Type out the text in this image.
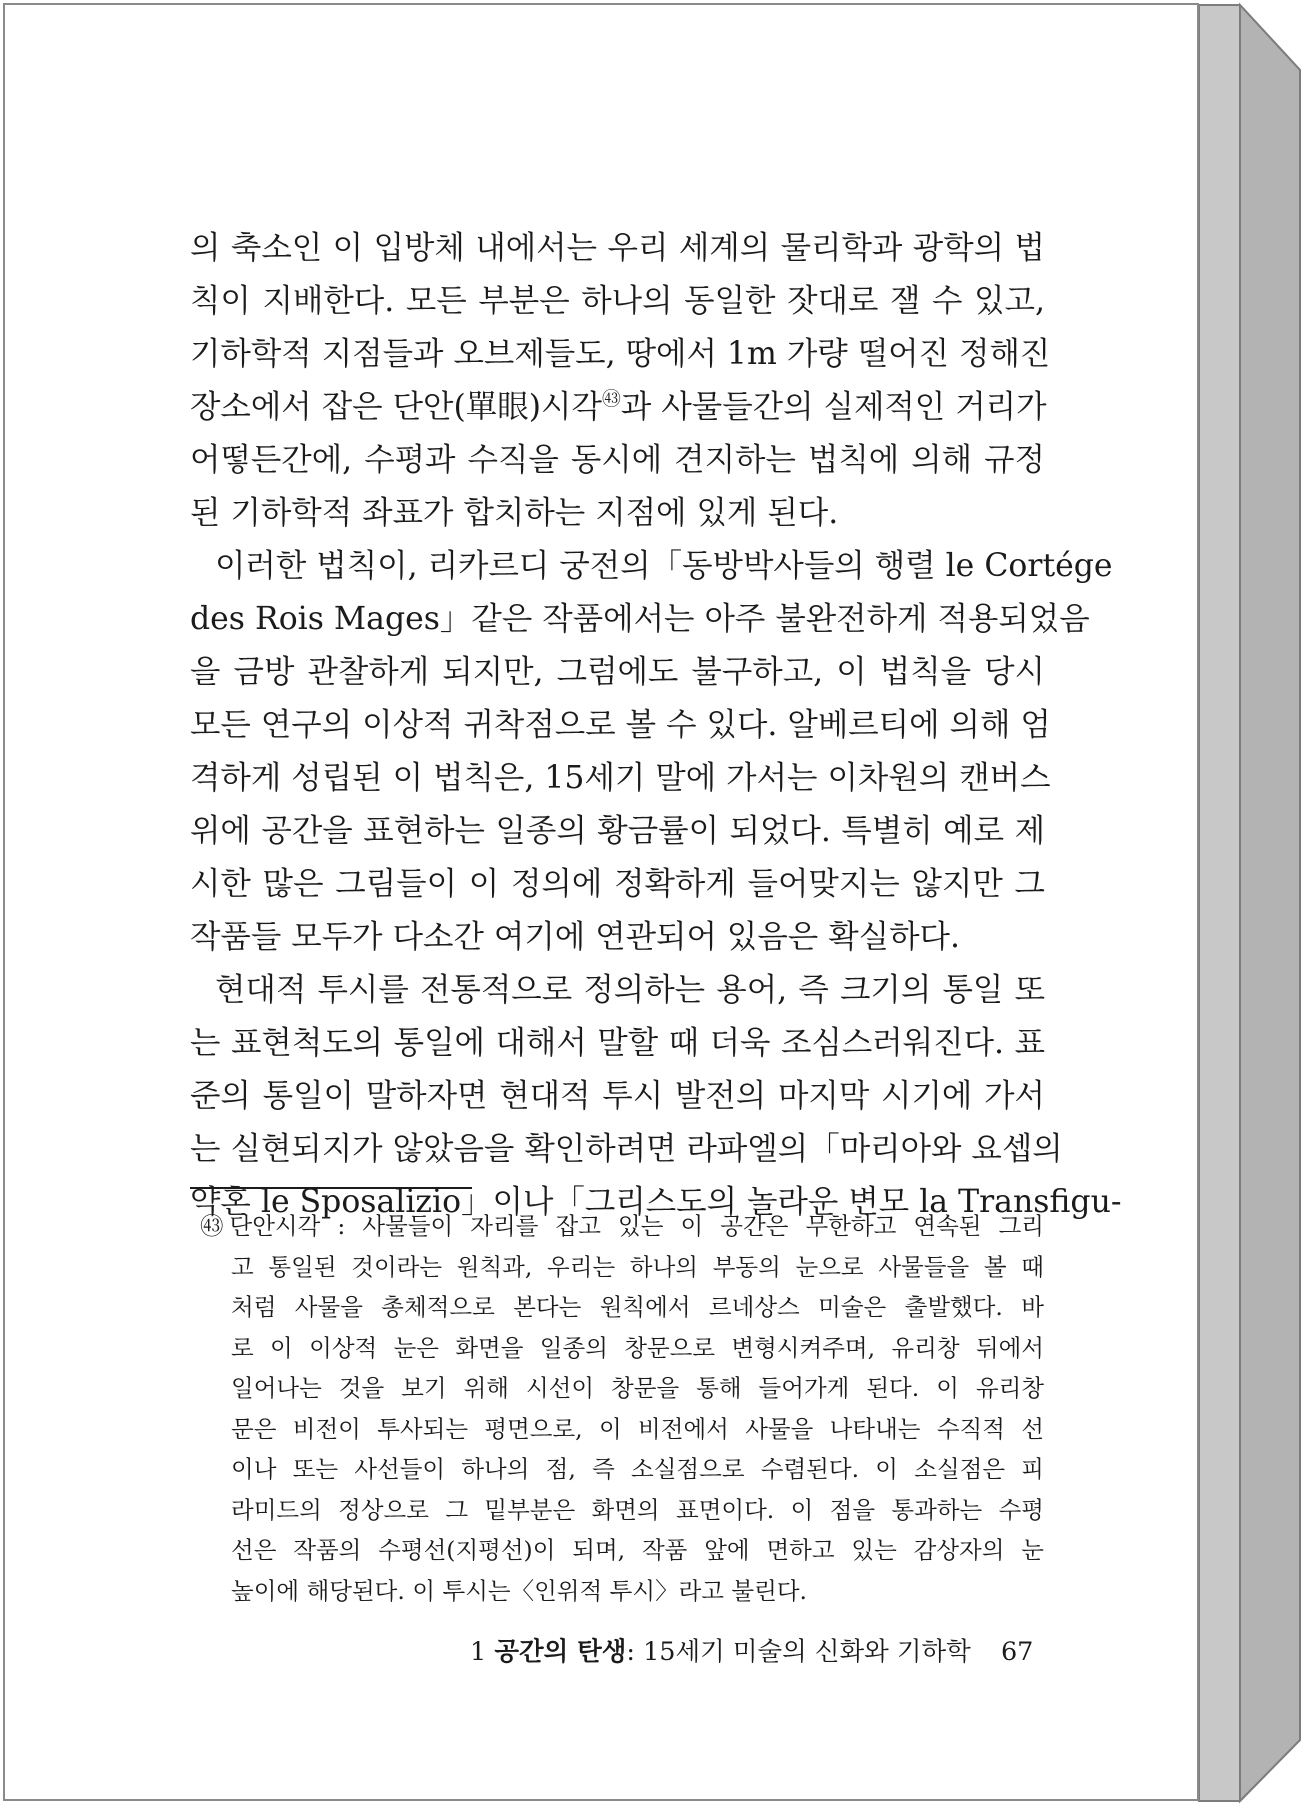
의 축소인 이 입방체 내에서는 우리 세계의 물리학과 광학의 법
칙이 지배한다. 모든 부분은 하나의 동일한 잣대로 잴 수 있고,
기하학적 지점들과 오브제들도, 땅에서 1m 가량 떨어진 정해진
장소에서 잡은 단안(單眼)시각$^㊸$과 사물들간의 실제적인 거리가
어떻든간에, 수평과 수직을 동시에 견지하는 법칙에 의해 규정
된 기하학적 좌표가 합치하는 지점에 있게 된다.
이러한 법칙이, 리카르디 궁전의「동방박사들의 행렬 le Cortége
des Rois Mages」같은 작품에서는 아주 불완전하게 적용되었음
을 금방 관찰하게 되지만, 그럼에도 불구하고, 이 법칙을 당시
모든 연구의 이상적 귀착점으로 볼 수 있다. 알베르티에 의해 엄
격하게 성립된 이 법칙은, 15세기 말에 가서는 이차원의 캔버스
위에 공간을 표현하는 일종의 황금률이 되었다. 특별히 예로 제
시한 많은 그림들이 이 정의에 정확하게 들어맞지는 않지만 그
작품들 모두가 다소간 여기에 연관되어 있음은 확실하다.
현대적 투시를 전통적으로 정의하는 용어, 즉 크기의 통일 또
는 표현척도의 통일에 대해서 말할 때 더욱 조심스러워진다. 표
준의 통일이 말하자면 현대적 투시 발전의 마지막 시기에 가서
는 실현되지가 않았음을 확인하려면 라파엘의「마리아와 요셉의
약혼 le Sposalizio」이나「그리스도의 놀라운 변모 la Transfigu-
㊸ 단안시각 : 사물들이 자리를 잡고 있는 이 공간은 무한하고 연속된 그리
고 통일된 것이라는 원칙과, 우리는 하나의 부동의 눈으로 사물들을 볼 때
처럼 사물을 총체적으로 본다는 원칙에서 르네상스 미술은 출발했다. 바
로 이 이상적 눈은 화면을 일종의 창문으로 변형시켜주며, 유리창 뒤에서
일어나는 것을 보기 위해 시선이 창문을 통해 들어가게 된다. 이 유리창
문은 비전이 투사되는 평면으로, 이 비전에서 사물을 나타내는 수직적 선
이나 또는 사선들이 하나의 점, 즉 소실점으로 수렴된다. 이 소실점은 피
라미드의 정상으로 그 밑부분은 화면의 표면이다. 이 점을 통과하는 수평
선은 작품의 수평선(지평선)이 되며, 작품 앞에 면하고 있는 감상자의 눈
높이에 해당된다. 이 투시는〈인위적 투시〉라고 불린다.
1 공간의 탄생: 15세기 미술의 신화와 기하학 67
